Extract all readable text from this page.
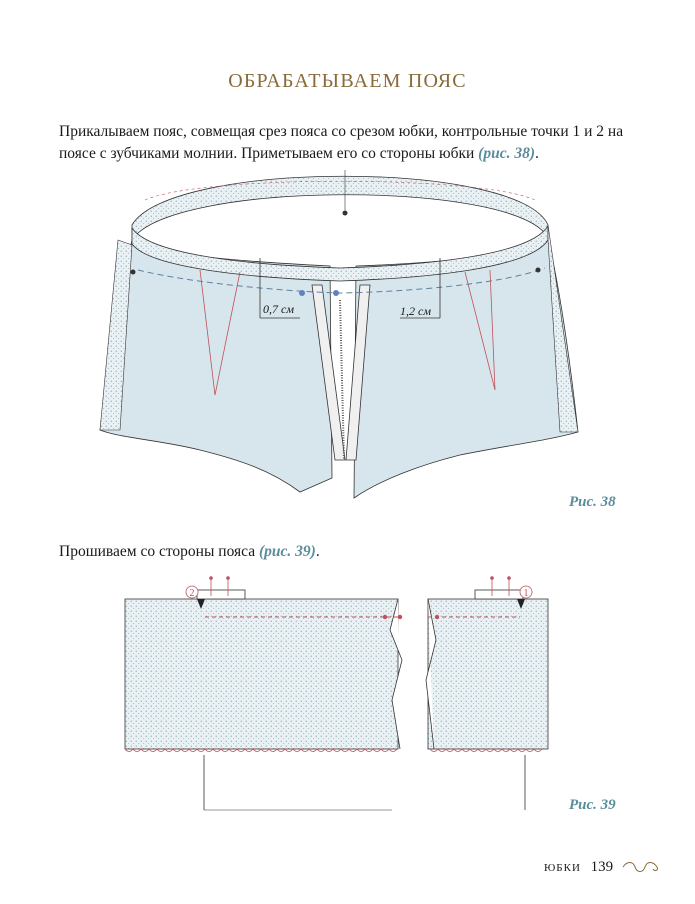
ОБРАБАТЫВАЕМ ПОЯС
Прикалываем пояс, совмещая срез пояса со срезом юбки, контрольные точки 1 и 2 на поясе с зубчиками молнии. Приметываем его со стороны юбки (рис. 38).
0,7 см	1,2 см
Рис. 38
Прошиваем со стороны пояса (рис. 39).
2	1
Рис. 39
ЮБКИ 139
